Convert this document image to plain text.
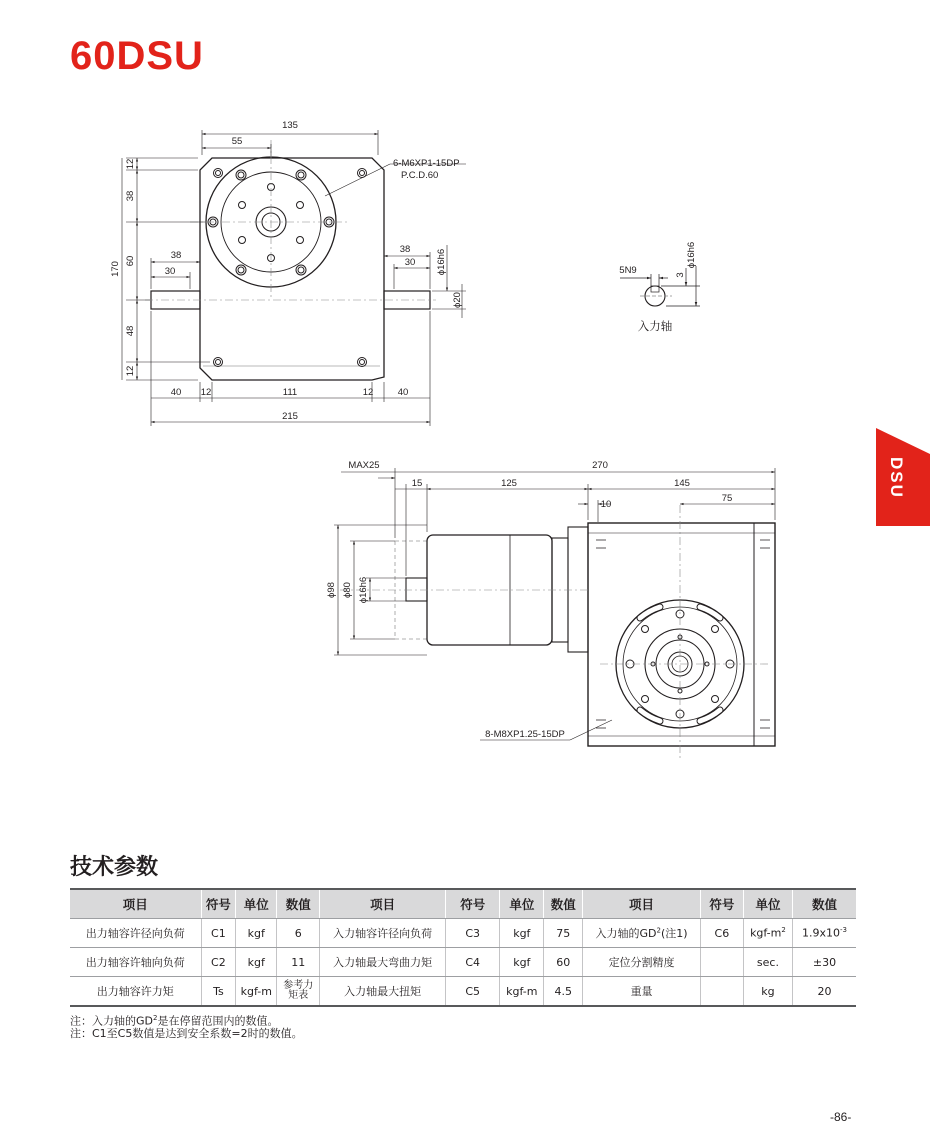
60DSU
135
55
6-M6XP1-15DP
P.C.D.60
12
38
60
170
48
12
38
30
38
30 ϕ16h6
ϕ20
40 12	111	12	40
215
5N9	3
ϕ16h6
入力轴
MAX25	270
15	125	145
10
75
ϕ98 ϕ80 ϕ16h6
8-M8XP1.25-15DP
DSU
技术参数
项目	符号	单位	数值	项目	符号	单位	数值	项目	符号	单位	数值
出力轴容许径向负荷	C1	kgf	6	入力轴容许径向负荷	C3	kgf	75	入力轴的$GD^2$(注1)	C6	kgf-$m^2$	$1.9x10^{-3}$
出力轴容许轴向负荷	C2	kgf	11	入力轴最大弯曲力矩	C4	kgf	60	定位分割精度		sec.	±30
出力轴容许力矩	Ts	kgf-m	参考力矩表	入力轴最大扭矩	C5	kgf-m	4.5	重量		kg	20
注：入力轴的$GD^2$是在停留范围内的数值。
注：C1至C5数值是达到安全系数=2时的数值。
-86-
